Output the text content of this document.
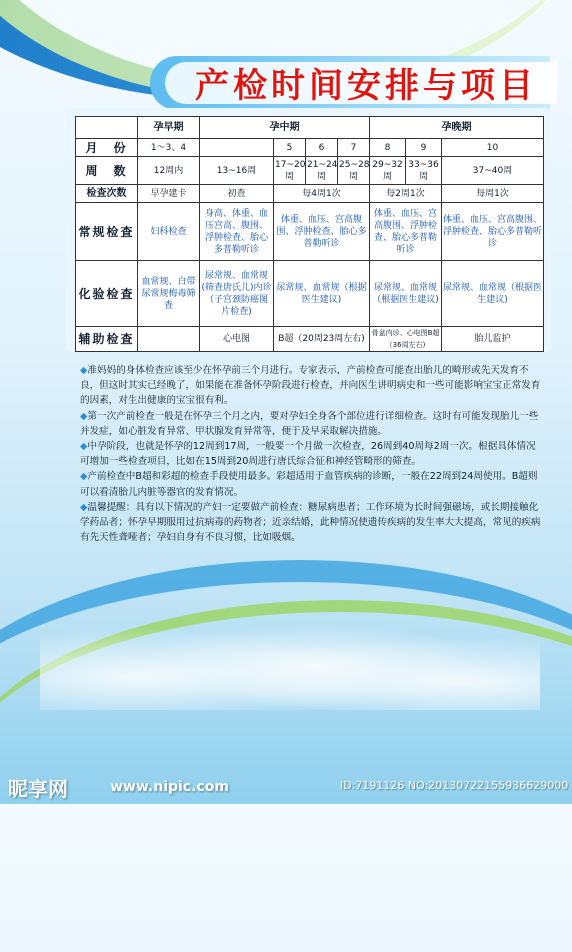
产检时间安排与项目
	孕早期	孕中期				孕晚期		
月　份	1～3、4		5	6	7	8	9	10
周　数	12周内	13~16周	17~20周	21~24周	25~28周	29~32周	33~36周	37~40周
检查次数	早孕建卡	初查	每4周1次			每2周1次		每周1次
常规检查	妇科检查	身高、体重、血压宫高、腹围、浮肿检查、胎心多普勒听诊	体重、血压、宫高腹围、浮肿检查、胎心多普勒听诊			体重、血压、宫高腹围、浮肿检查、胎心多普勒听诊		体重、血压、宫高腹围、浮肿检查、胎心多普勒听诊
化验检查	血常规、白带尿常规梅毒筛查	尿常规、血常规(筛查唐氏儿)内诊（子宫颈防癌图片检查)	尿常规、血常规（根据医生建议)			尿常规、血常规（根据医生建议)		尿常规、血常规（根据医生建议)
辅助检查		心电图	B超（20周23周左右)			骨盆内诊、心电图B超（36周左右)		胎儿监护

◆准妈妈的身体检查应该至少在怀孕前三个月进行。专家表示，产前检查可能查出胎儿的畸形或先天发育不良，但这时其实已经晚了，如果能在准备怀孕阶段进行检查，并向医生讲明病史和一些可能影响宝宝正常发育的因素，对生出健康的宝宝很有利。

◆第一次产前检查一般是在怀孕三个月之内，要对孕妇全身各个部位进行详细检查。这时有可能发现胎儿一些并发症，如心脏发育异常、甲状腺发育异常等，便于及早采取解决措施。

◆中孕阶段，也就是怀孕的12周到17周，一般要一个月做一次检查，26周到40周每2周一次。根据具体情况可增加一些检查项目，比如在15周到20周进行唐氏综合征和神经管畸形的筛查。

◆产前检查中B超和彩超的检查手段使用最多。彩超适用于血管疾病的诊断，一般在22周到24周使用。B超则可以看清胎儿内脏等器官的发育情况。

◆温馨提醒：具有以下情况的产妇一定要做产前检查：糖尿病患者；工作环境为长时间强磁场，或长期接触化学药品者；怀孕早期服用过抗病毒的药物者；近亲结婚，此种情况使遗传疾病的发生率大大提高，常见的疾病有先天性聋哑者；孕妇自身有不良习惯，比如吸烟。

昵享网	www.nipic.com	ID:7191126 NO:20130722155936629000
